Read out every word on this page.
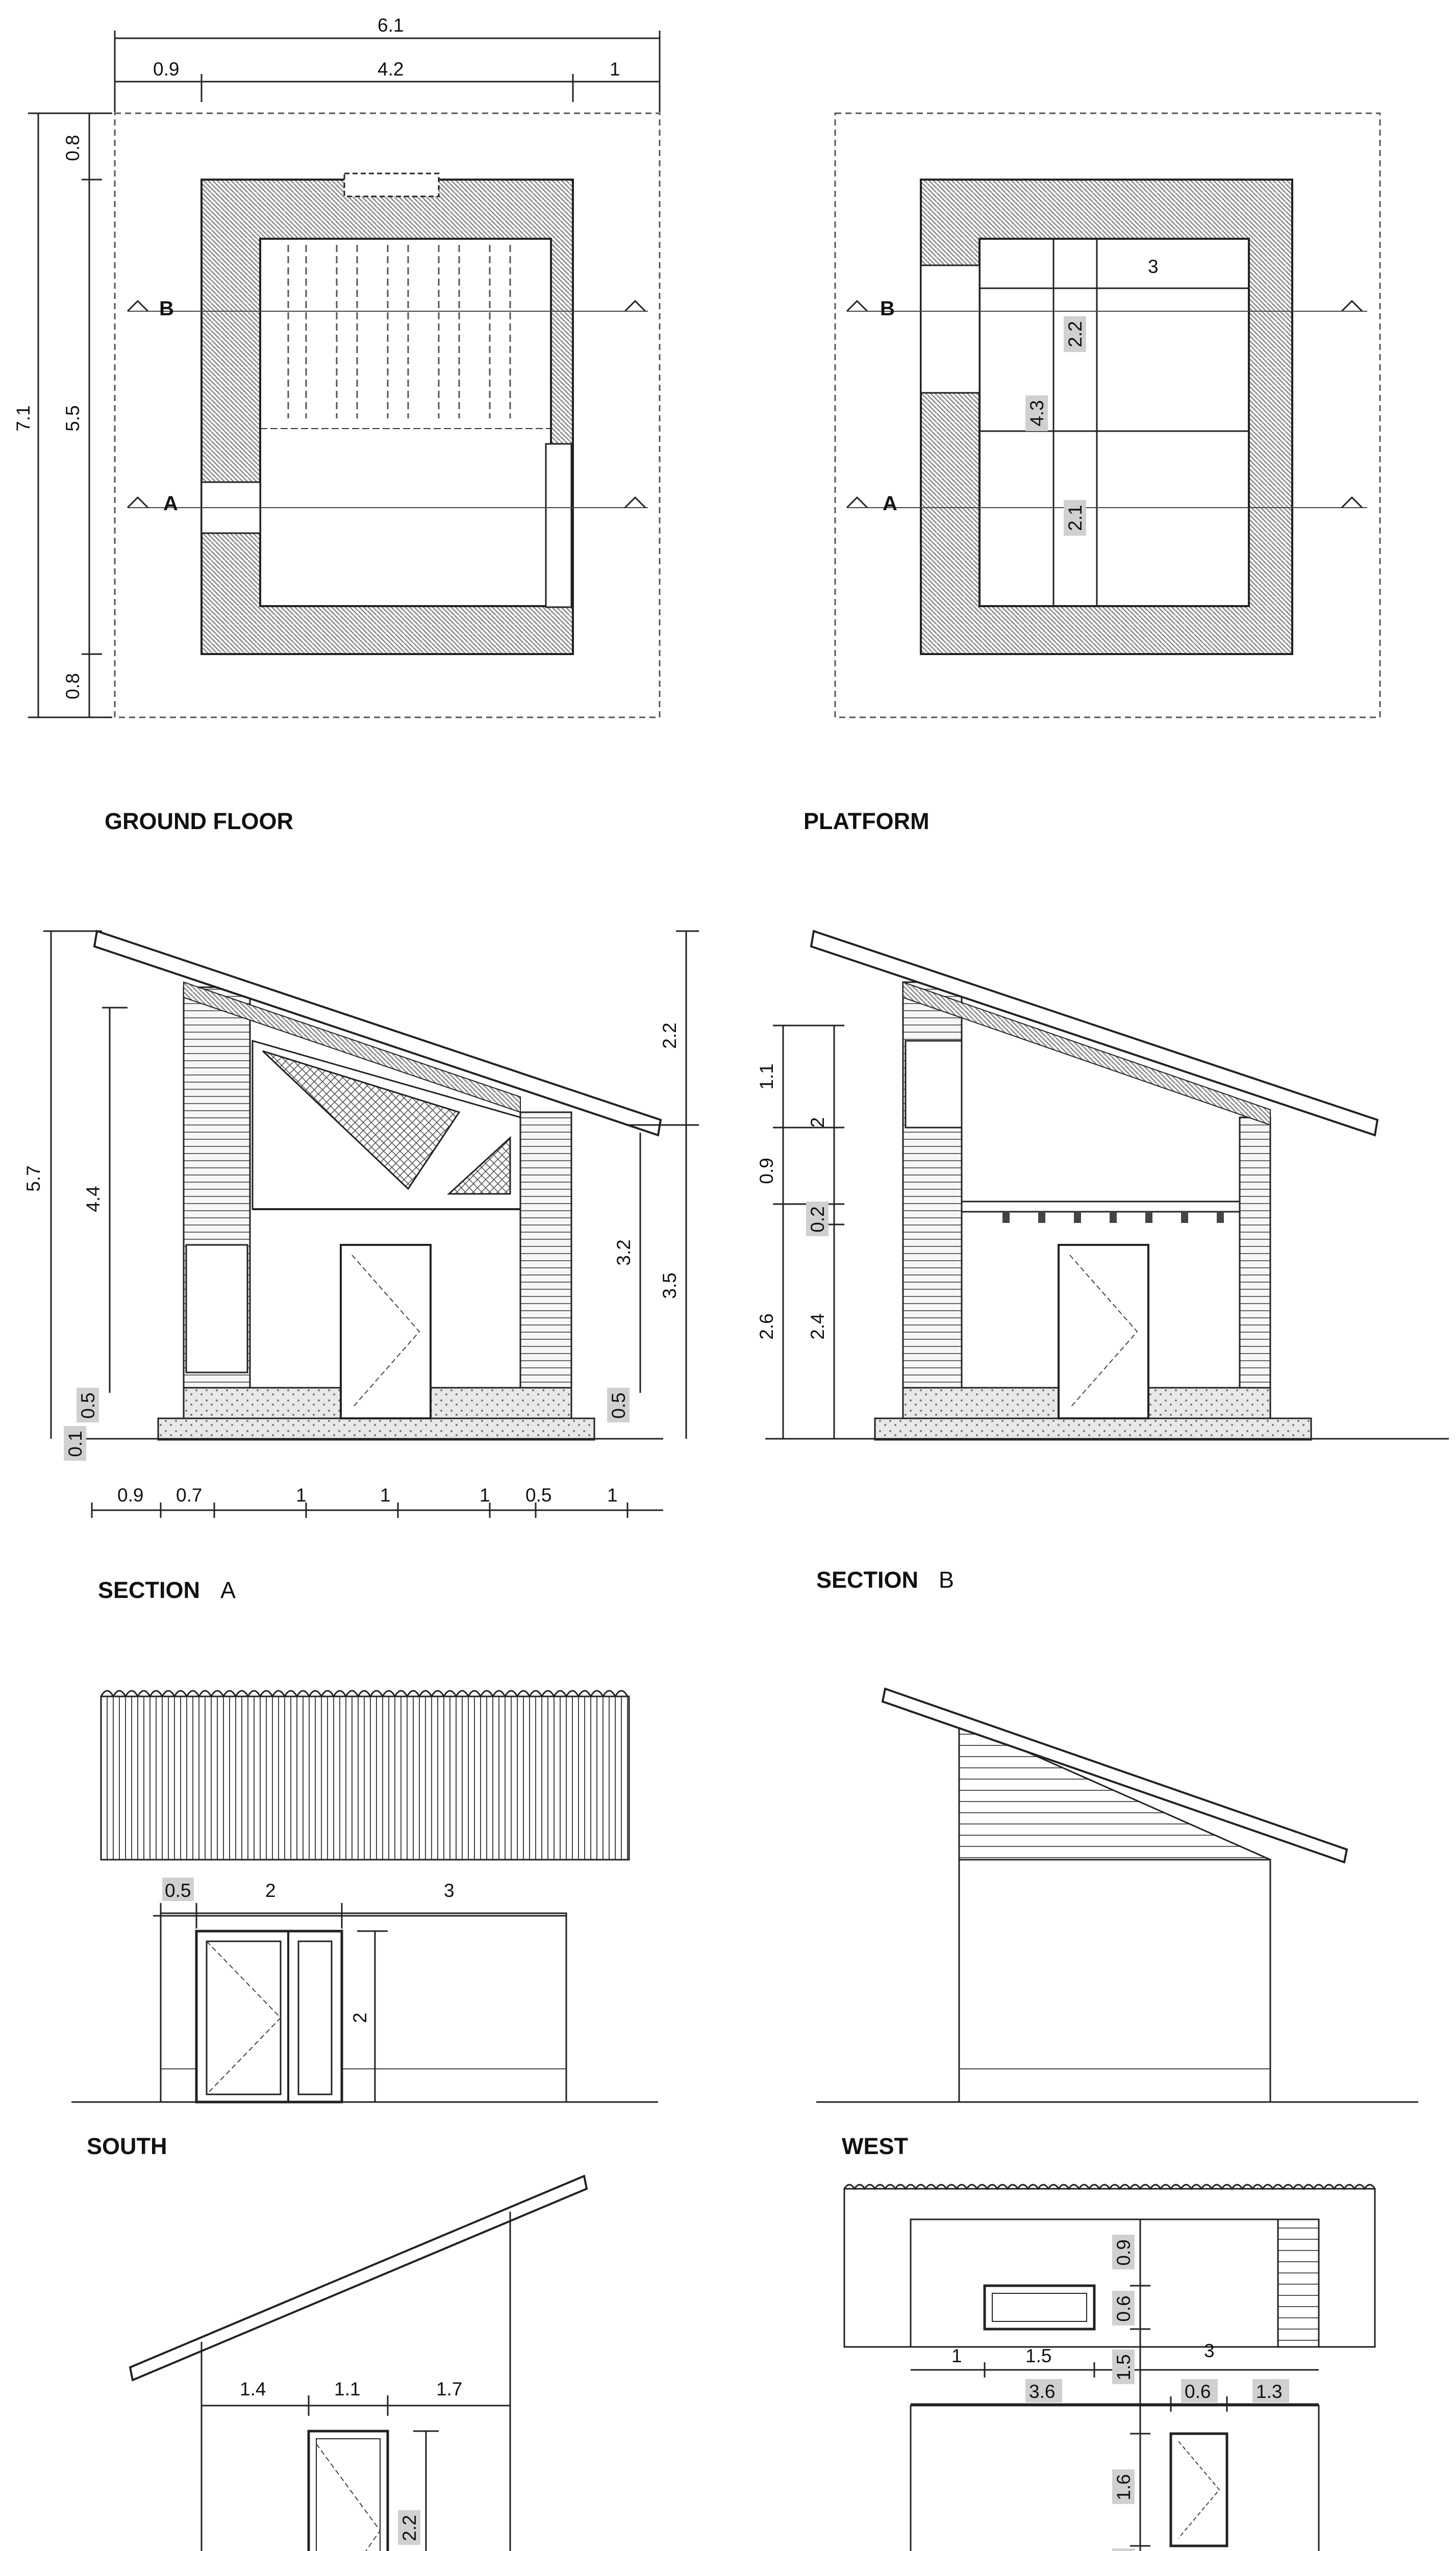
A
B
6.1
0.9	4.2	1
7.1
0.8
5.5
0.8
GROUND FLOOR
A
B
3
2.2
4.3
2.1
PLATFORM
5.7
4.4
0.5
0.1
2.2
3.2
3.5
0.5
0.9 0.7	1	1	1 0.5	1
SECTION A
1.1
2
0.9
0.2
2.6 2.4
SECTION B
0.5	2	3
2
SOUTH	WEST
1.4	1.1	1.7
2.2
1	1.5	3
3.6	0.6 1.3
0.9
0.6
1.5
1.6
